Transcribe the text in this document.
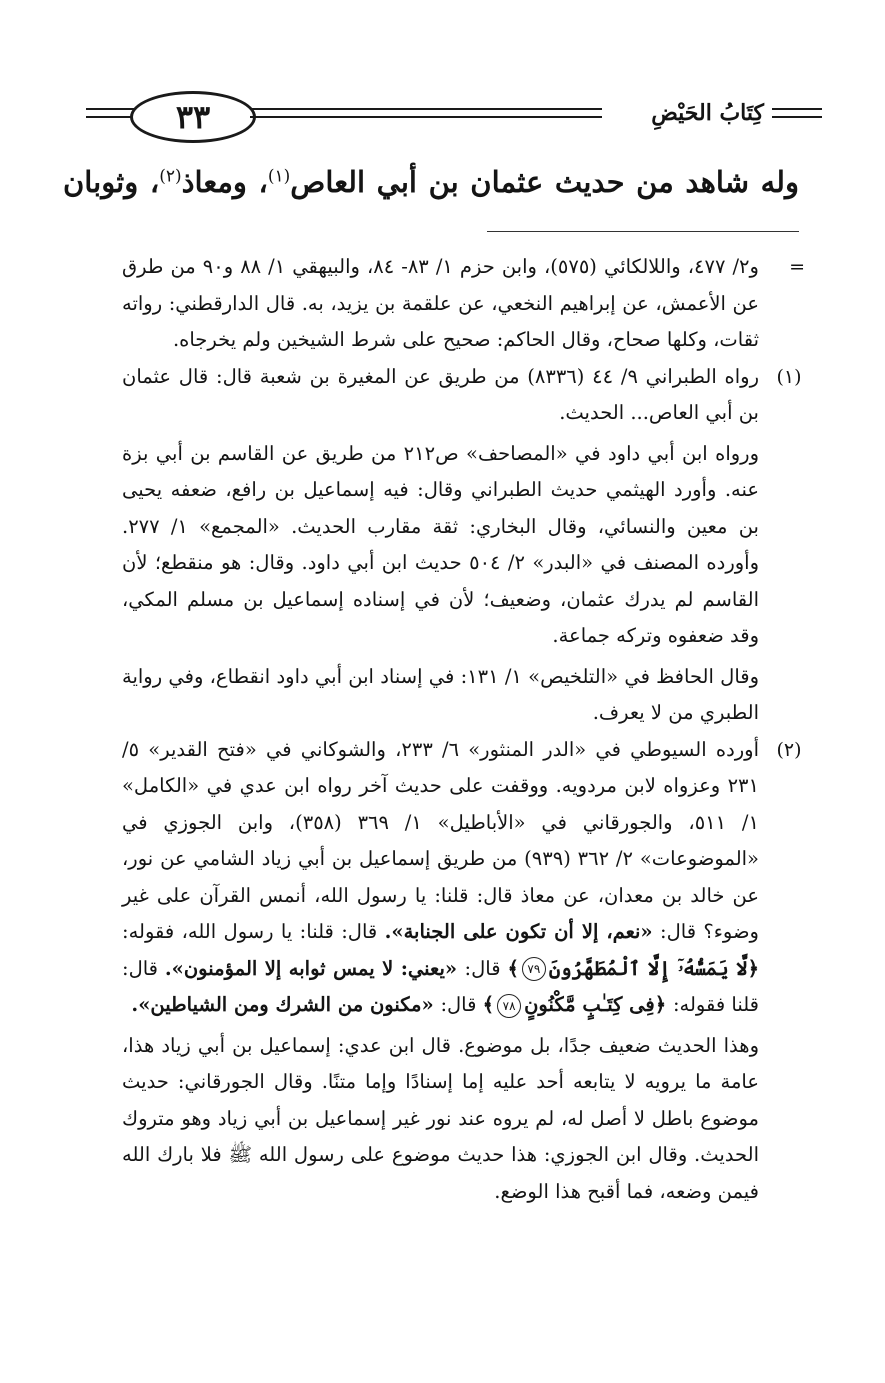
٣٣	كِتَابُ الحَيْضِ
وله شاهد من حديث عثمان بن أبي العاص$^{(١)}$، ومعاذ$^{(٢)}$، وثوبان
=
و٢/ ٤٧٧، واللالكائي (٥٧٥)، وابن حزم ١/ ٨٣- ٨٤، والبيهقي ١/ ٨٨ و٩٠ من طرق عن الأعمش، عن إبراهيم النخعي، عن علقمة بن يزيد، به. قال الدارقطني: رواته ثقات، وكلها صحاح، وقال الحاكم: صحيح على شرط الشيخين ولم يخرجاه.
(١)
رواه الطبراني ٩/ ٤٤ (٨٣٣٦) من طريق عن المغيرة بن شعبة قال: قال عثمان بن أبي العاص... الحديث.
ورواه ابن أبي داود في «المصاحف» ص٢١٢ من طريق عن القاسم بن أبي بزة عنه. وأورد الهيثمي حديث الطبراني وقال: فيه إسماعيل بن رافع، ضعفه يحيى بن معين والنسائي، وقال البخاري: ثقة مقارب الحديث. «المجمع» ١/ ٢٧٧. وأورده المصنف في «البدر» ٢/ ٥٠٤ حديث ابن أبي داود. وقال: هو منقطع؛ لأن القاسم لم يدرك عثمان، وضعيف؛ لأن في إسناده إسماعيل بن مسلم المكي، وقد ضعفوه وتركه جماعة.
وقال الحافظ في «التلخيص» ١/ ١٣١: في إسناد ابن أبي داود انقطاع، وفي رواية الطبري من لا يعرف.
(٢)
أورده السيوطي في «الدر المنثور» ٦/ ٢٣٣، والشوكاني في «فتح القدير» ٥/ ٢٣١ وعزواه لابن مردويه. ووقفت على حديث آخر رواه ابن عدي في «الكامل» ١/ ٥١١، والجورقاني في «الأباطيل» ١/ ٣٦٩ (٣٥٨)، وابن الجوزي في «الموضوعات» ٢/ ٣٦٢ (٩٣٩) من طريق إسماعيل بن أبي زياد الشامي عن نور، عن خالد بن معدان، عن معاذ قال: قلنا: يا رسول الله، أنمس القرآن على غير وضوء؟ قال: «نعم، إلا أن تكون على الجنابة». قال: قلنا: يا رسول الله، فقوله: ﴿لَّا يَمَسُّهُۥٓ إِلَّا ٱلْمُطَهَّرُونَ٧٩﴾ قال: «يعني: لا يمس ثوابه إلا المؤمنون». قال: قلنا فقوله: ﴿فِى كِتَـٰبٍ مَّكْنُونٍ٧٨﴾ قال: «مكنون من الشرك ومن الشياطين».
وهذا الحديث ضعيف جدًا، بل موضوع. قال ابن عدي: إسماعيل بن أبي زياد هذا، عامة ما يرويه لا يتابعه أحد عليه إما إسنادًا وإما متنًا. وقال الجورقاني: حديث موضوع باطل لا أصل له، لم يروه عند نور غير إسماعيل بن أبي زياد وهو متروك الحديث. وقال ابن الجوزي: هذا حديث موضوع على رسول الله ﷺ فلا بارك الله فيمن وضعه، فما أقبح هذا الوضع.
